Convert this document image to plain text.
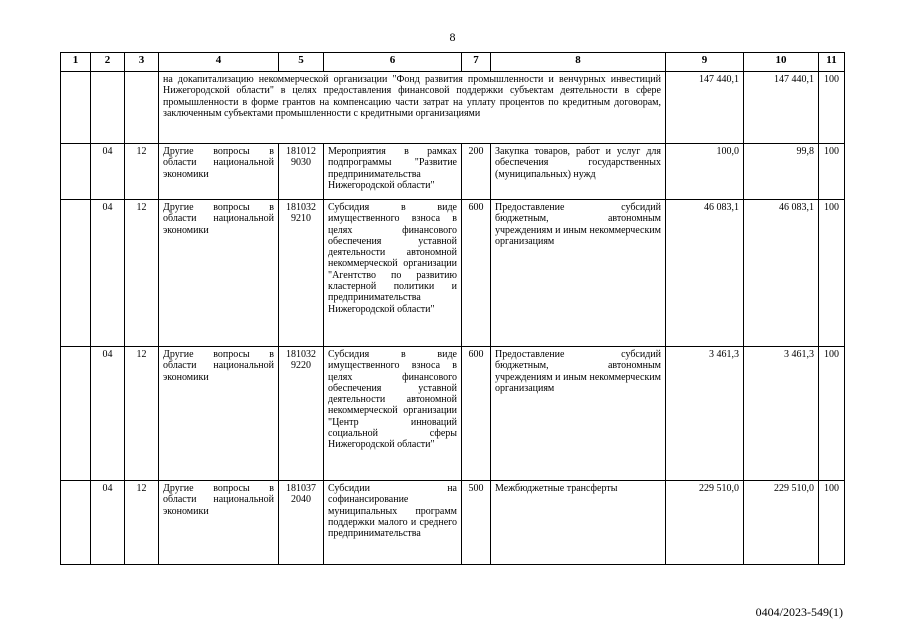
8
1	2	3	4	5	6	7	8	9	10	11
			на докапитализацию некоммерческой организации "Фонд развития промышленности и венчурных инвестиций Нижегородской области" в целях предоставления финансовой поддержки субъектам деятельности в сфере промышленности в форме грантов на компенсацию части затрат на уплату процентов по кредитным договорам, заключенным субъектами промышленности с кредитными организациями					147 440,1	147 440,1	100
	04	12	Другие вопросы в области национальной экономики	181012 9030	Мероприятия в рамках подпрограммы "Развитие предпринимательства Нижегородской области"	200	Закупка товаров, работ и услуг для обеспечения государственных (муниципальных) нужд	100,0	99,8	100
	04	12	Другие вопросы в области национальной экономики	181032 9210	Субсидия в виде имущественного взноса в целях финансового обеспечения уставной деятельности автономной некоммерческой организации "Агентство по развитию кластерной политики и предпринимательства Нижегородской области"	600	Предоставление субсидий бюджетным, автономным учреждениям и иным некоммерческим организациям	46 083,1	46 083,1	100
	04	12	Другие вопросы в области национальной экономики	181032 9220	Субсидия в виде имущественного взноса в целях финансового обеспечения уставной деятельности автономной некоммерческой организации "Центр инноваций социальной сферы Нижегородской области"	600	Предоставление субсидий бюджетным, автономным учреждениям и иным некоммерческим организациям	3 461,3	3 461,3	100
	04	12	Другие вопросы в области национальной экономики	181037 2040	Субсидии на софинансирование муниципальных программ поддержки малого и среднего предпринимательства	500	Межбюджетные трансферты	229 510,0	229 510,0	100
0404/2023-549(1)
